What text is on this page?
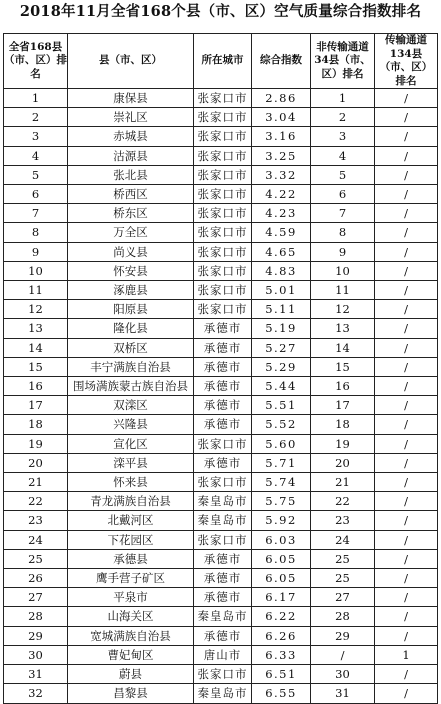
2018年11月全省168个县（市、区）空气质量综合指数排名
全省168县（市、区）排名	县（市、区）	所在城市	综合指数	非传输通道34县（市、区）排名	传输通道134县（市、区）排名
1	康保县	张家口市	2.86	1	/
2	崇礼区	张家口市	3.04	2	/
3	赤城县	张家口市	3.16	3	/
4	沽源县	张家口市	3.25	4	/
5	张北县	张家口市	3.32	5	/
6	桥西区	张家口市	4.22	6	/
7	桥东区	张家口市	4.23	7	/
8	万全区	张家口市	4.59	8	/
9	尚义县	张家口市	4.65	9	/
10	怀安县	张家口市	4.83	10	/
11	涿鹿县	张家口市	5.01	11	/
12	阳原县	张家口市	5.11	12	/
13	隆化县	承德市	5.19	13	/
14	双桥区	承德市	5.27	14	/
15	丰宁满族自治县	承德市	5.29	15	/
16	围场满族蒙古族自治县	承德市	5.44	16	/
17	双滦区	承德市	5.51	17	/
18	兴隆县	承德市	5.52	18	/
19	宣化区	张家口市	5.60	19	/
20	滦平县	承德市	5.71	20	/
21	怀来县	张家口市	5.74	21	/
22	青龙满族自治县	秦皇岛市	5.75	22	/
23	北戴河区	秦皇岛市	5.92	23	/
24	下花园区	张家口市	6.03	24	/
25	承德县	承德市	6.05	25	/
26	鹰手营子矿区	承德市	6.05	25	/
27	平泉市	承德市	6.17	27	/
28	山海关区	秦皇岛市	6.22	28	/
29	宽城满族自治县	承德市	6.26	29	/
30	曹妃甸区	唐山市	6.33	/	1
31	蔚县	张家口市	6.51	30	/
32	昌黎县	秦皇岛市	6.55	31	/
